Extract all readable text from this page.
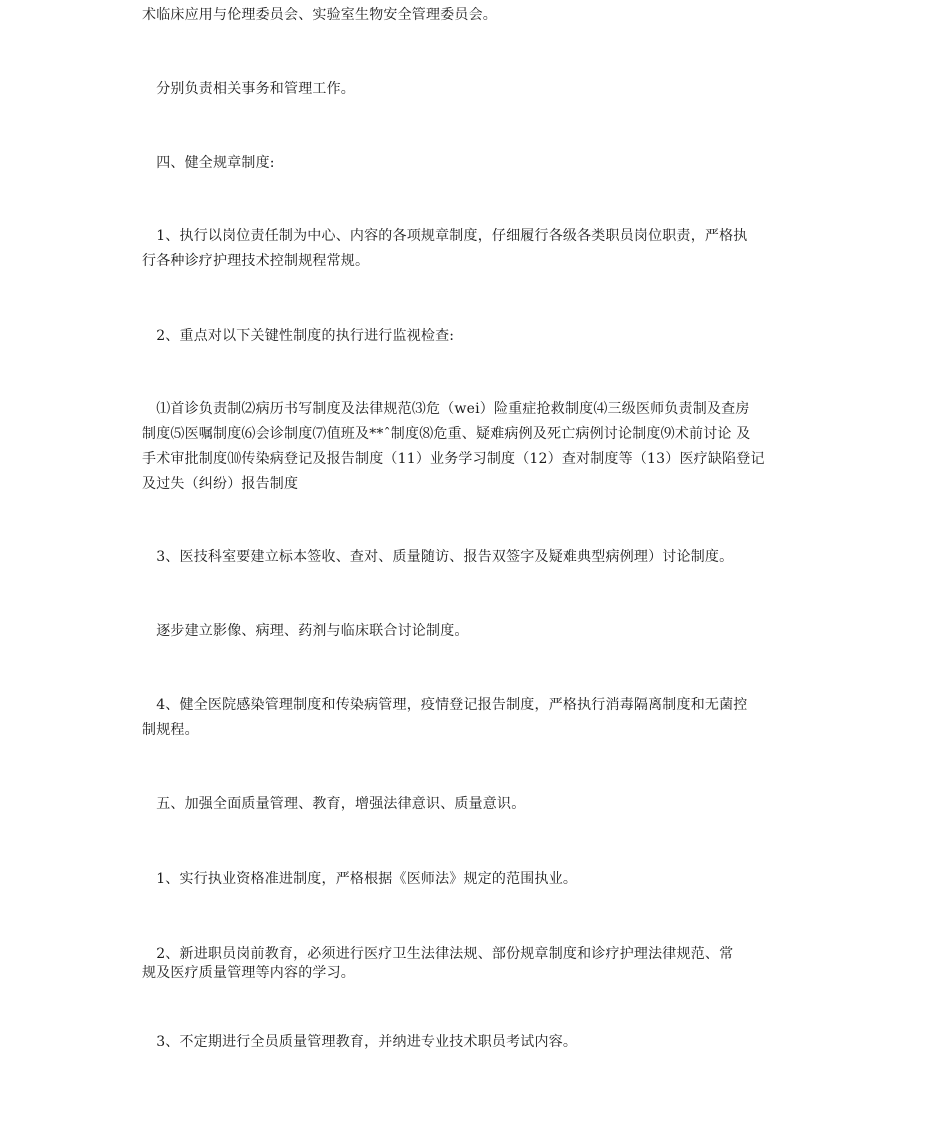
术临床应用与伦理委员会、实验室生物安全管理委员会。

　分别负责相关事务和管理工作。

　四、健全规章制度:

　1、执行以岗位责任制为中心、内容的各项规章制度，仔细履行各级各类职员岗位职责，严格执
行各种诊疗护理技术控制规程常规。

　2、重点对以下关键性制度的执行进行监视检查:

　⑴首诊负责制⑵病历书写制度及法律规范⑶危（wei）险重症抢救制度⑷三级医师负责制及查房
制度⑸医嘱制度⑹会诊制度⑺值班及**ˆ制度⑻危重、疑难病例及死亡病例讨论制度⑼术前讨论 及
手术审批制度⑽传染病登记及报告制度（11）业务学习制度（12）查对制度等（13）医疗缺陷登记
及过失（纠纷）报告制度

　3、医技科室要建立标本签收、查对、质量随访、报告双签字及疑难典型病例理）讨论制度。

　逐步建立影像、病理、药剂与临床联合讨论制度。

　4、健全医院感染管理制度和传染病管理，疫情登记报告制度，严格执行消毒隔离制度和无菌控
制规程。

　五、加强全面质量管理、教育，增强法律意识、质量意识。

　1、实行执业资格准进制度，严格根据《医师法》规定的范围执业。

　2、新进职员岗前教育，必须进行医疗卫生法律法规、部份规章制度和诊疗护理法律规范、常
规及医疗质量管理等内容的学习。

　3、不定期进行全员质量管理教育，并纳进专业技术职员考试内容。
